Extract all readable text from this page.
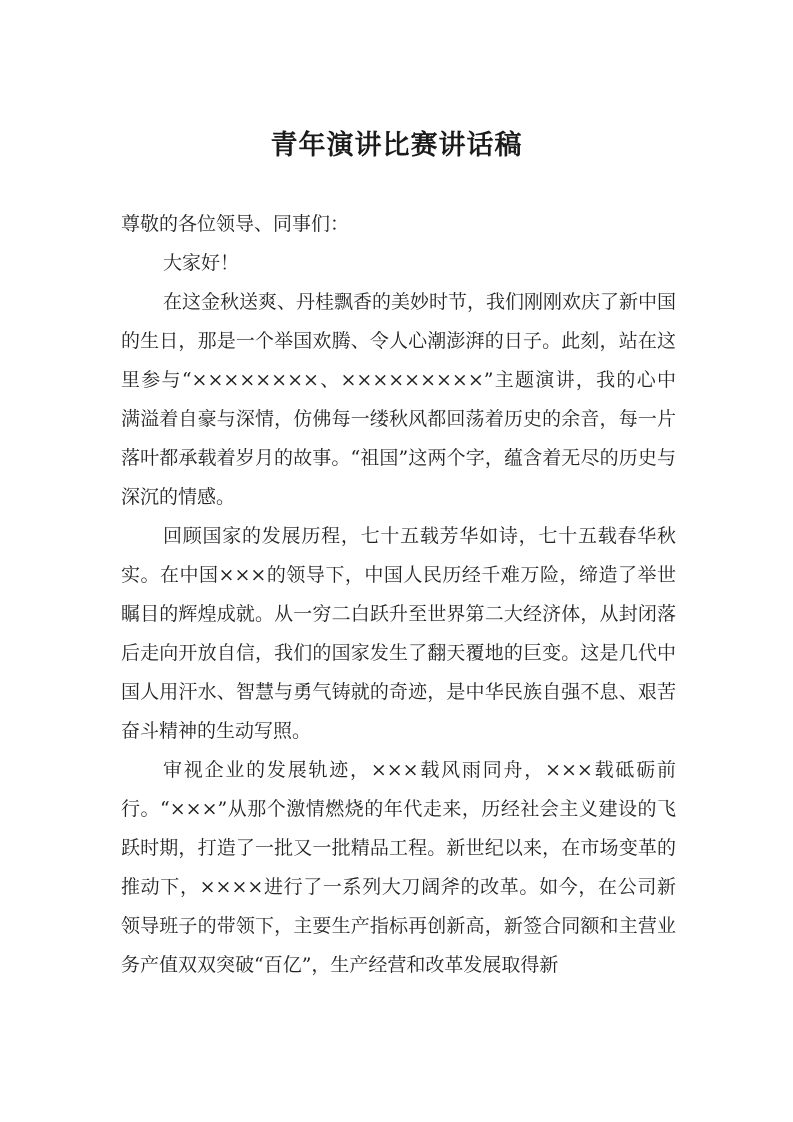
青年演讲比赛讲话稿

尊敬的各位领导、同事们：

大家好！

在这金秋送爽、丹桂飘香的美妙时节，我们刚刚欢庆了新中国的生日，那是一个举国欢腾、令人心潮澎湃的日子。此刻，站在这里参与“××××××××、×××××××××”主题演讲，我的心中满溢着自豪与深情，仿佛每一缕秋风都回荡着历史的余音，每一片落叶都承载着岁月的故事。“祖国”这两个字，蕴含着无尽的历史与深沉的情感。

回顾国家的发展历程，七十五载芳华如诗，七十五载春华秋实。在中国×××的领导下，中国人民历经千难万险，缔造了举世瞩目的辉煌成就。从一穷二白跃升至世界第二大经济体，从封闭落后走向开放自信，我们的国家发生了翻天覆地的巨变。这是几代中国人用汗水、智慧与勇气铸就的奇迹，是中华民族自强不息、艰苦奋斗精神的生动写照。

审视企业的发展轨迹，×××载风雨同舟，×××载砥砺前行。“×××”从那个激情燃烧的年代走来，历经社会主义建设的飞跃时期，打造了一批又一批精品工程。新世纪以来，在市场变革的推动下，××××进行了一系列大刀阔斧的改革。如今，在公司新领导班子的带领下，主要生产指标再创新高，新签合同额和主营业务产值双双突破“百亿”，生产经营和改革发展取得新
